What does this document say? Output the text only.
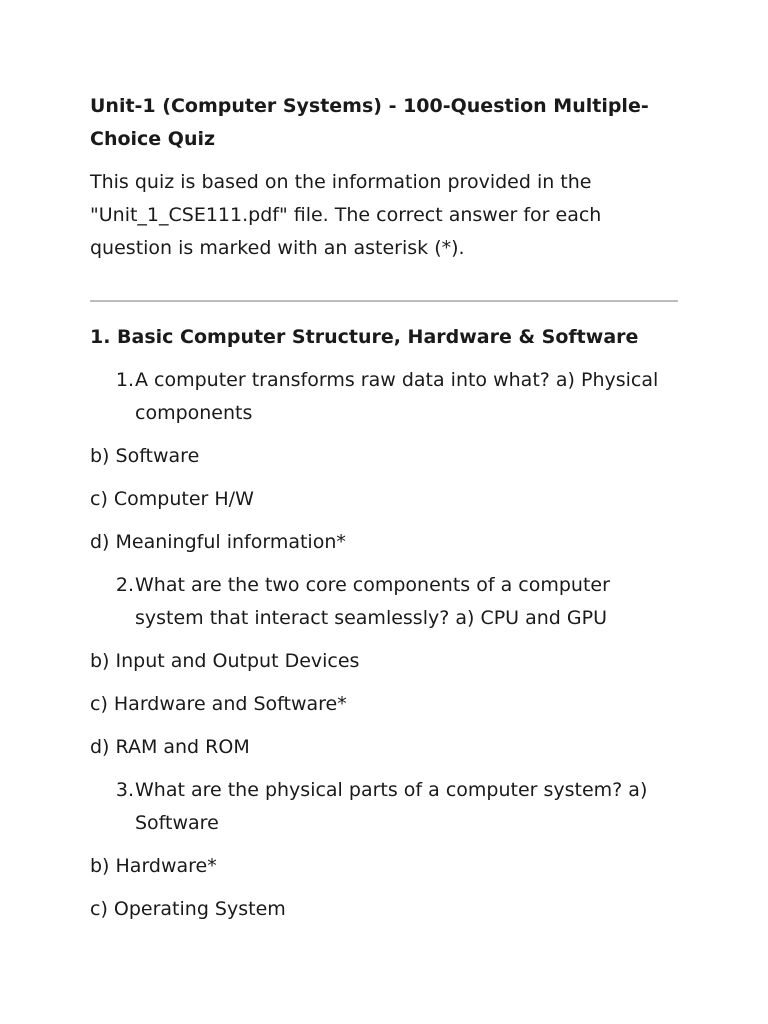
Unit-1 (Computer Systems) - 100-Question Multiple-Choice Quiz

This quiz is based on the information provided in the "Unit_1_CSE111.pdf" file. The correct answer for each question is marked with an asterisk (*).

1. Basic Computer Structure, Hardware & Software

1. A computer transforms raw data into what? a) Physical components

b) Software

c) Computer H/W

d) Meaningful information*

2. What are the two core components of a computer system that interact seamlessly? a) CPU and GPU

b) Input and Output Devices

c) Hardware and Software*

d) RAM and ROM

3. What are the physical parts of a computer system? a) Software

b) Hardware*

c) Operating System
